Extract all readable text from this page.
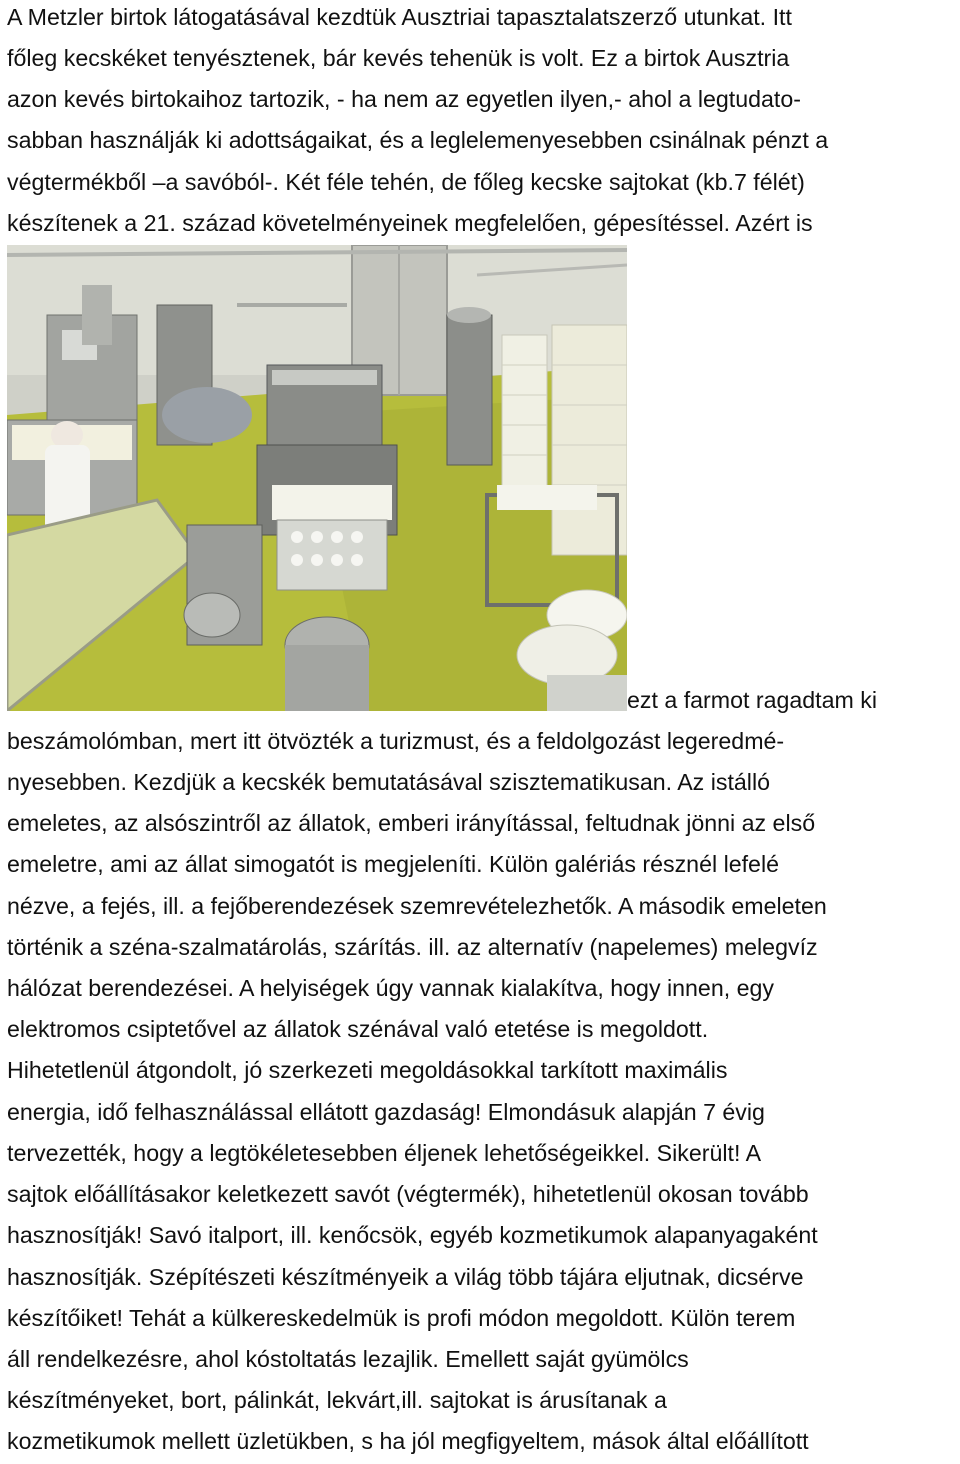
A Metzler birtok látogatásával kezdtük Ausztriai tapasztalatszerző utunkat. Itt
főleg kecskéket tenyésztenek, bár kevés tehenük is volt. Ez a birtok Ausztria
azon kevés birtokaihoz tartozik, - ha nem az egyetlen ilyen,- ahol a legtudato-
sabban használják ki adottságaikat, és a leglelemenyesebben csinálnak pénzt a
végtermékből –a savóból-. Két féle tehén, de főleg kecske sajtokat (kb.7 félét)
készítenek a 21. század követelményeinek megfelelően, gépesítéssel. Azért is
ezt a farmot ragadtam ki
beszámolómban, mert itt ötvözték a turizmust, és a feldolgozást legeredmé-
nyesebben. Kezdjük a kecskék bemutatásával szisztematikusan. Az istálló
emeletes, az alsószintről az állatok, emberi irányítással, feltudnak jönni az első
emeletre, ami az állat simogatót is megjeleníti. Külön galériás résznél lefelé
nézve, a fejés, ill. a fejőberendezések szemrevételezhetők. A második emeleten
történik a széna-szalmatárolás, szárítás. ill. az alternatív (napelemes) melegvíz
hálózat berendezései. A helyiségek úgy vannak kialakítva, hogy innen, egy
elektromos csiptetővel az állatok szénával való etetése is megoldott.
Hihetetlenül átgondolt, jó szerkezeti megoldásokkal tarkított maximális
energia, idő felhasználással ellátott gazdaság! Elmondásuk alapján 7 évig
tervezették, hogy a legtökéletesebben éljenek lehetőségeikkel. Sikerült! A
sajtok előállításakor keletkezett savót (végtermék), hihetetlenül okosan tovább
hasznosítják! Savó italport, ill. kenőcsök, egyéb kozmetikumok alapanyagaként
hasznosítják. Szépítészeti készítményeik a világ több tájára eljutnak, dicsérve
készítőiket! Tehát a külkereskedelmük is profi módon megoldott. Külön terem
áll rendelkezésre, ahol kóstoltatás lezajlik. Emellett saját gyümölcs
készítményeket, bort, pálinkát, lekvárt,ill. sajtokat is árusítanak a
kozmetikumok mellett üzletükben, s ha jól megfigyeltem, mások által előállított
